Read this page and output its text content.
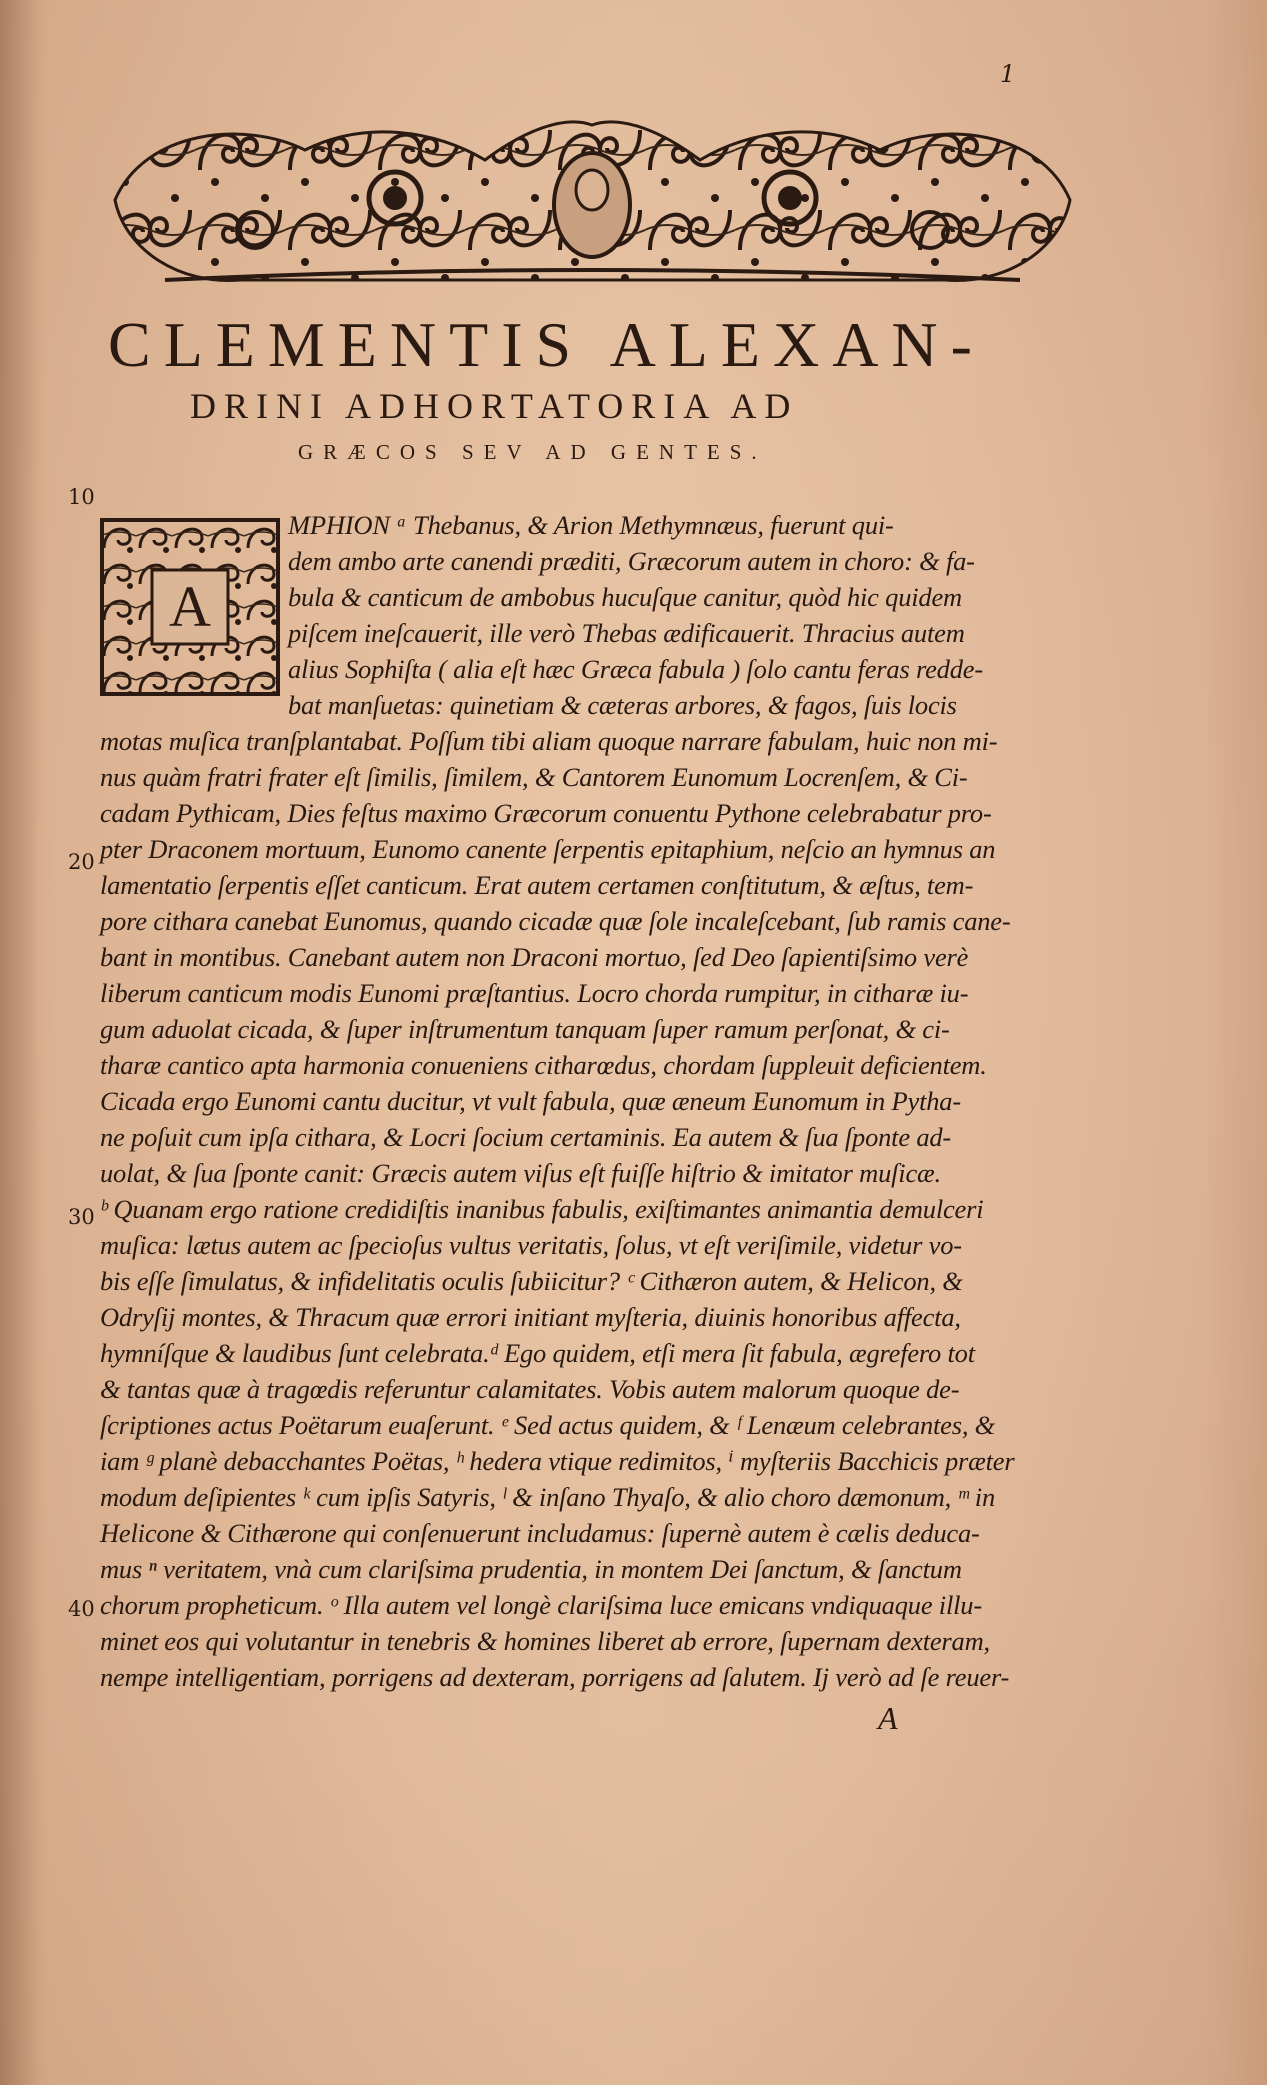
1
CLEMENTIS ALEXAN-
DRINI ADHORTATORIA AD
GRÆCOS SEV AD GENTES.
10
20
30
40
A
MPHION ᵃ Thebanus, & Arion Methymnæus, fuerunt qui-
dem ambo arte canendi præditi, Græcorum autem in choro: & fa-
bula & canticum de ambobus hucuſque canitur, quòd hic quidem
piſcem ineſcauerit, ille verò Thebas ædificauerit. Thracius autem
alius Sophiſta ( alia eſt hæc Græca fabula ) ſolo cantu feras redde-
bat manſuetas: quinetiam & cæteras arbores, & fagos, ſuis locis
motas muſica tranſplantabat. Poſſum tibi aliam quoque narrare fabulam, huic non mi-
nus quàm fratri frater eſt ſimilis, ſimilem, & Cantorem Eunomum Locrenſem, & Ci-
cadam Pythicam, Dies feſtus maximo Græcorum conuentu Pythone celebrabatur pro-
pter Draconem mortuum, Eunomo canente ſerpentis epitaphium, neſcio an hymnus an
lamentatio ſerpentis eſſet canticum. Erat autem certamen conſtitutum, & æſtus, tem-
pore cithara canebat Eunomus, quando cicadæ quæ ſole incaleſcebant, ſub ramis cane-
bant in montibus. Canebant autem non Draconi mortuo, ſed Deo ſapientiſsimo verè
liberum canticum modis Eunomi præſtantius. Locro chorda rumpitur, in citharæ iu-
gum aduolat cicada, & ſuper inſtrumentum tanquam ſuper ramum perſonat, & ci-
tharæ cantico apta harmonia conueniens citharœdus, chordam ſuppleuit deficientem.
Cicada ergo Eunomi cantu ducitur, vt vult fabula, quæ æneum Eunomum in Pytha-
ne poſuit cum ipſa cithara, & Locri ſocium certaminis. Ea autem & ſua ſponte ad-
uolat, & ſua ſponte canit: Græcis autem viſus eſt fuiſſe hiſtrio & imitator muſicæ.
ᵇ Quanam ergo ratione credidiſtis inanibus fabulis, exiſtimantes animantia demulceri
muſica: lætus autem ac ſpecioſus vultus veritatis, ſolus, vt eſt veriſimile, videtur vo-
bis eſſe ſimulatus, & infidelitatis oculis ſubiicitur? ᶜ Cithæron autem, & Helicon, &
Odryſij montes, & Thracum quæ errori initiant myſteria, diuinis honoribus affecta,
hymníſque & laudibus ſunt celebrata.ᵈ Ego quidem, etſi mera ſit fabula, ægrefero tot
& tantas quæ à tragœdis referuntur calamitates. Vobis autem malorum quoque de-
ſcriptiones actus Poëtarum euaſerunt. ᵉ Sed actus quidem, & ᶠ Lenæum celebrantes, &
iam ᵍ planè debacchantes Poëtas, ʰ hedera vtique redimitos, ⁱ myſteriis Bacchicis præter
modum deſipientes ᵏ cum ipſis Satyris, ˡ & inſano Thyaſo, & alio choro dæmonum, ᵐ in
Helicone & Cithærone qui conſenuerunt includamus: ſupernè autem è cælis deduca-
mus ⁿ veritatem, vnà cum clariſsima prudentia, in montem Dei ſanctum, & ſanctum
chorum propheticum. ᵒ Illa autem vel longè clariſsima luce emicans vndiquaque illu-
minet eos qui volutantur in tenebris & homines liberet ab errore, ſupernam dexteram,
nempe intelligentiam, porrigens ad dexteram, porrigens ad ſalutem. Ij verò ad ſe reuer-
A
